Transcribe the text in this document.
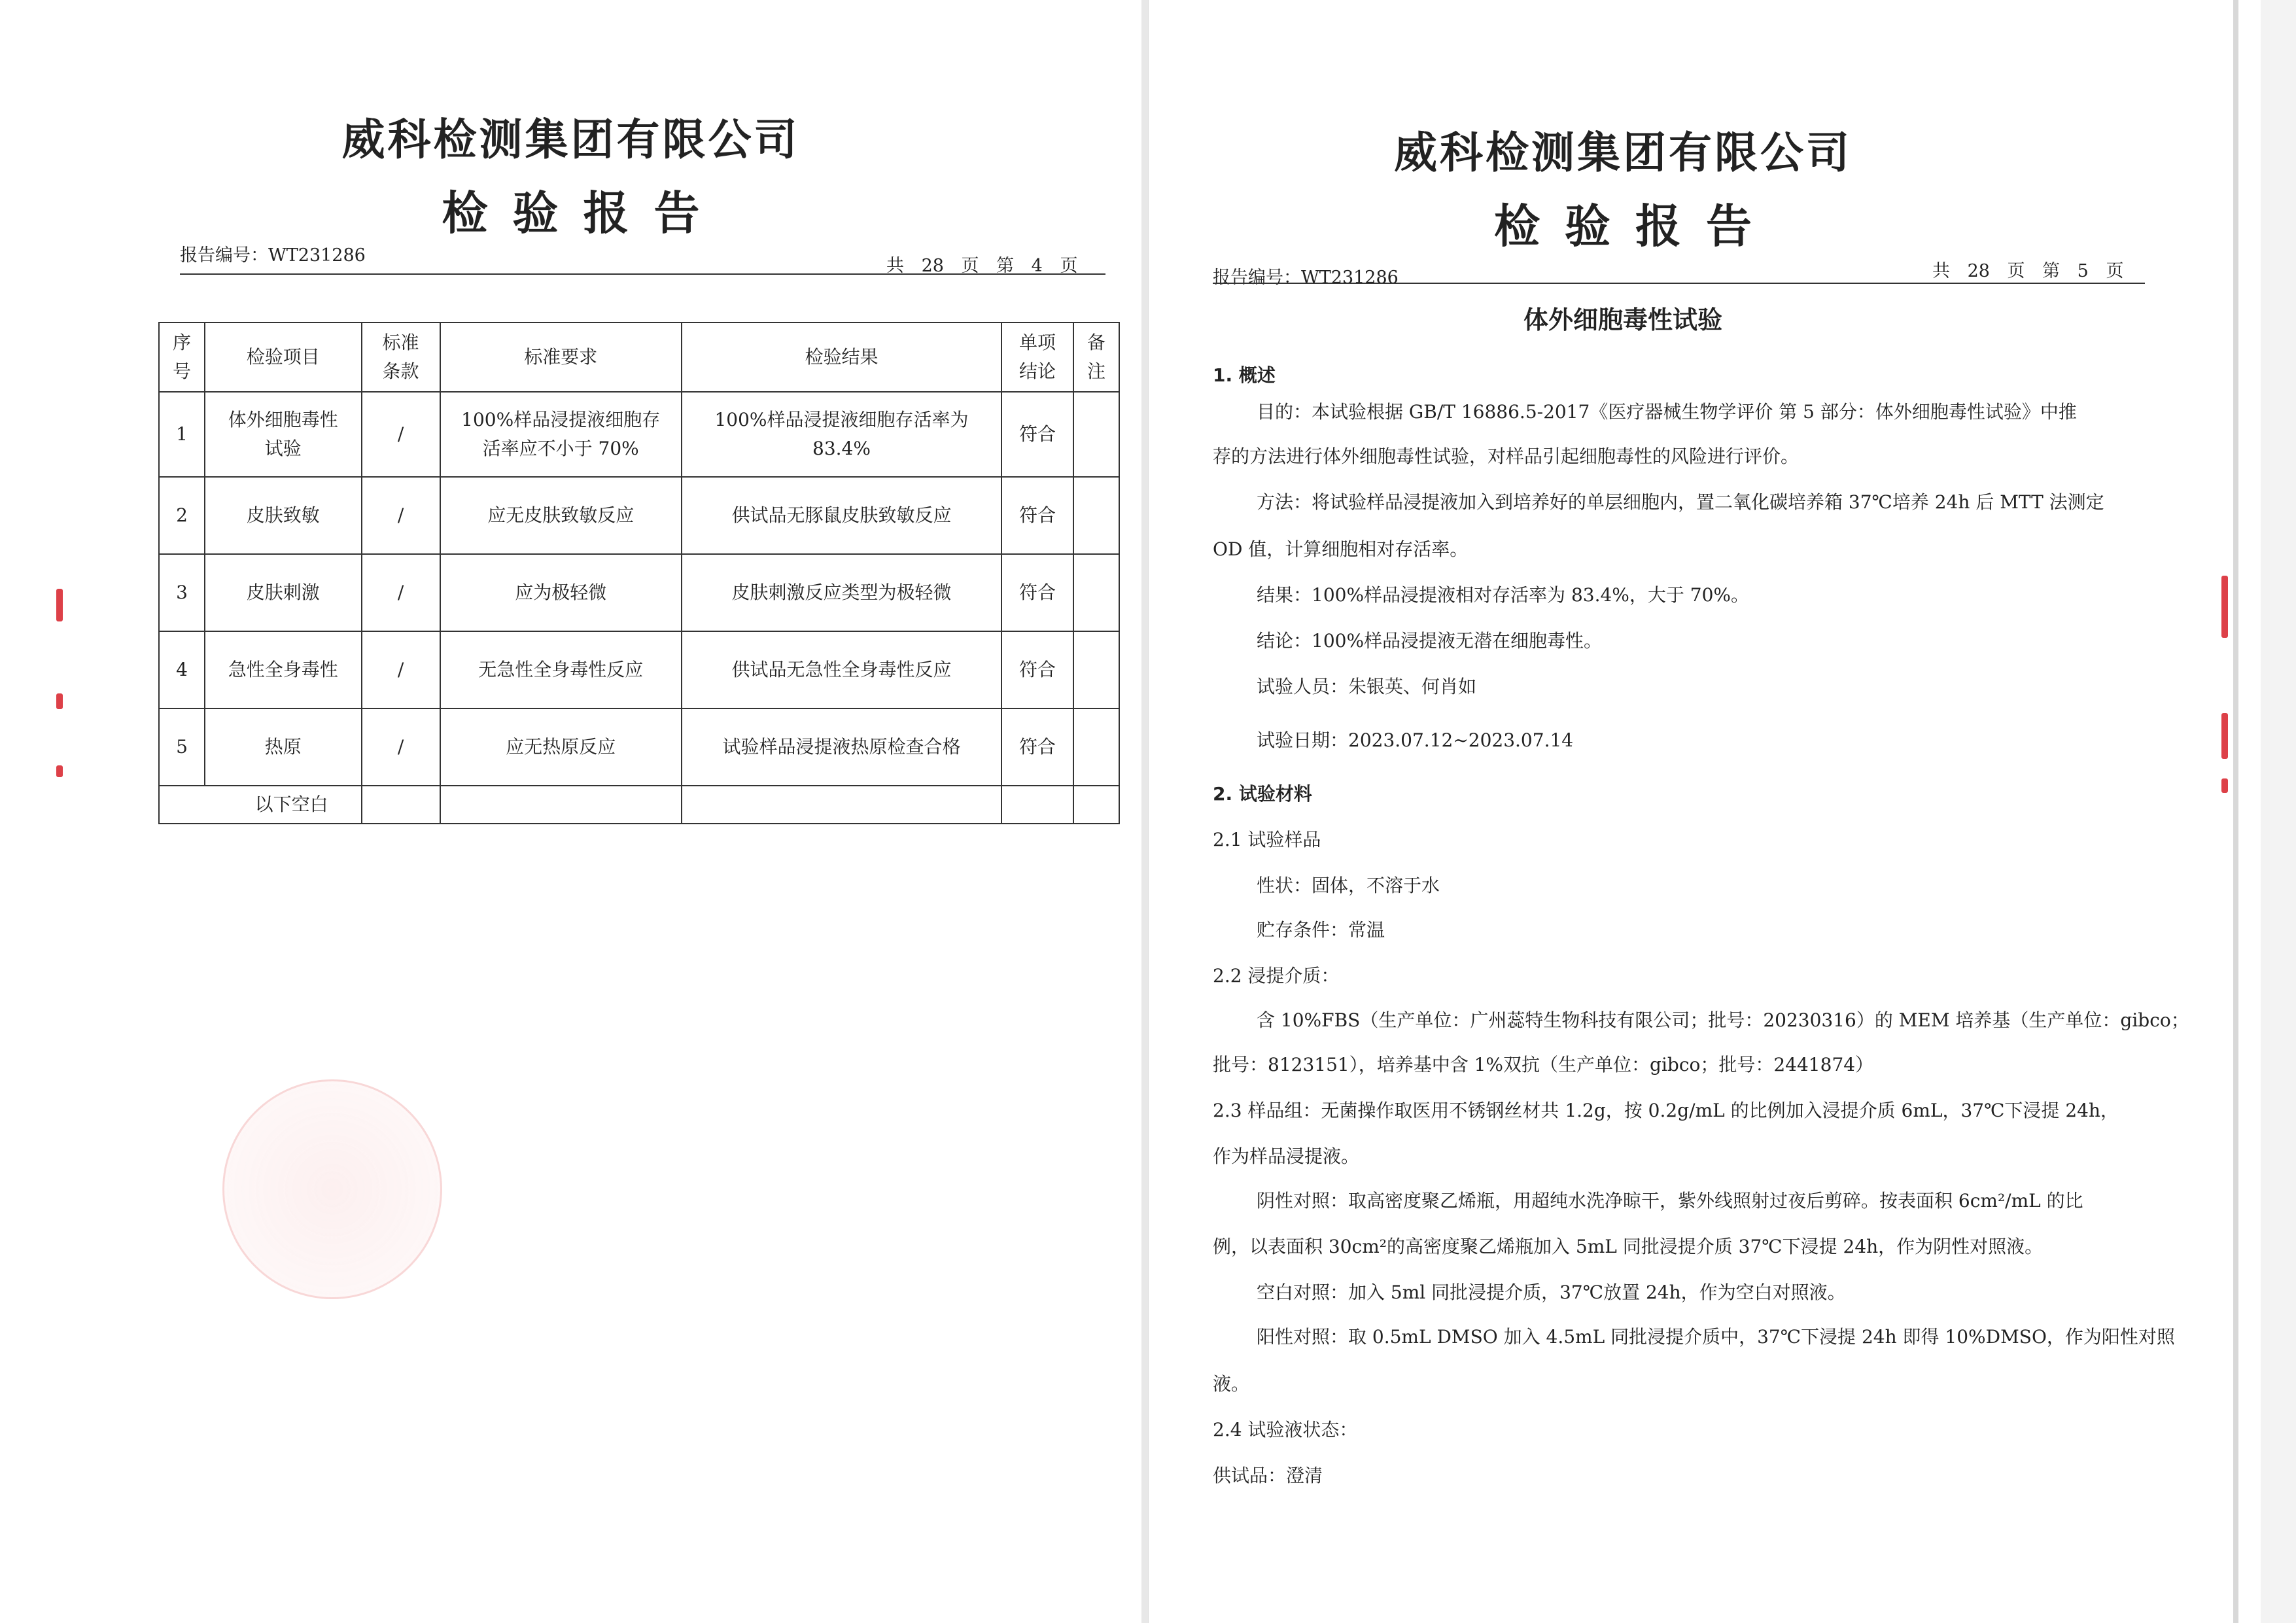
威科检测集团有限公司
检验报告
报告编号：WT231286
共 28 页 第 4 页
序号	检验项目	标准条款	标准要求	检验结果	单项结论	备注
1	体外细胞毒性试验	/	100%样品浸提液细胞存活率应不小于 70%	100%样品浸提液细胞存活率为 83.4%	符合	
2	皮肤致敏	/	应无皮肤致敏反应	供试品无豚鼠皮肤致敏反应	符合	
3	皮肤刺激	/	应为极轻微	皮肤刺激反应类型为极轻微	符合	
4	急性全身毒性	/	无急性全身毒性反应	供试品无急性全身毒性反应	符合	
5	热原	/	应无热原反应	试验样品浸提液热原检查合格	符合	
以下空白						
威科检测集团有限公司
检验报告
报告编号：WT231286	共 28 页 第 5 页
体外细胞毒性试验
1. 概述
目的：本试验根据 GB/T 16886.5-2017《医疗器械生物学评价 第 5 部分：体外细胞毒性试验》中推
荐的方法进行体外细胞毒性试验，对样品引起细胞毒性的风险进行评价。
方法：将试验样品浸提液加入到培养好的单层细胞内，置二氧化碳培养箱 37℃培养 24h 后 MTT 法测定
OD 值，计算细胞相对存活率。
结果：100%样品浸提液相对存活率为 83.4%，大于 70%。
结论：100%样品浸提液无潜在细胞毒性。
试验人员：朱银英、何肖如
试验日期：2023.07.12~2023.07.14
2. 试验材料
2.1 试验样品
性状：固体，不溶于水
贮存条件：常温
2.2 浸提介质：
含 10%FBS（生产单位：广州蕊特生物科技有限公司；批号：20230316）的 MEM 培养基（生产单位：gibco；
批号：8123151），培养基中含 1%双抗（生产单位：gibco；批号：2441874）
2.3 样品组：无菌操作取医用不锈钢丝材共 1.2g，按 0.2g/mL 的比例加入浸提介质 6mL，37℃下浸提 24h，
作为样品浸提液。
阴性对照：取高密度聚乙烯瓶，用超纯水洗净晾干，紫外线照射过夜后剪碎。按表面积 6cm²/mL 的比
例，以表面积 30cm²的高密度聚乙烯瓶加入 5mL 同批浸提介质 37℃下浸提 24h，作为阴性对照液。
空白对照：加入 5ml 同批浸提介质，37℃放置 24h，作为空白对照液。
阳性对照：取 0.5mL DMSO 加入 4.5mL 同批浸提介质中，37℃下浸提 24h 即得 10%DMSO，作为阳性对照
液。
2.4 试验液状态：
供试品：澄清
